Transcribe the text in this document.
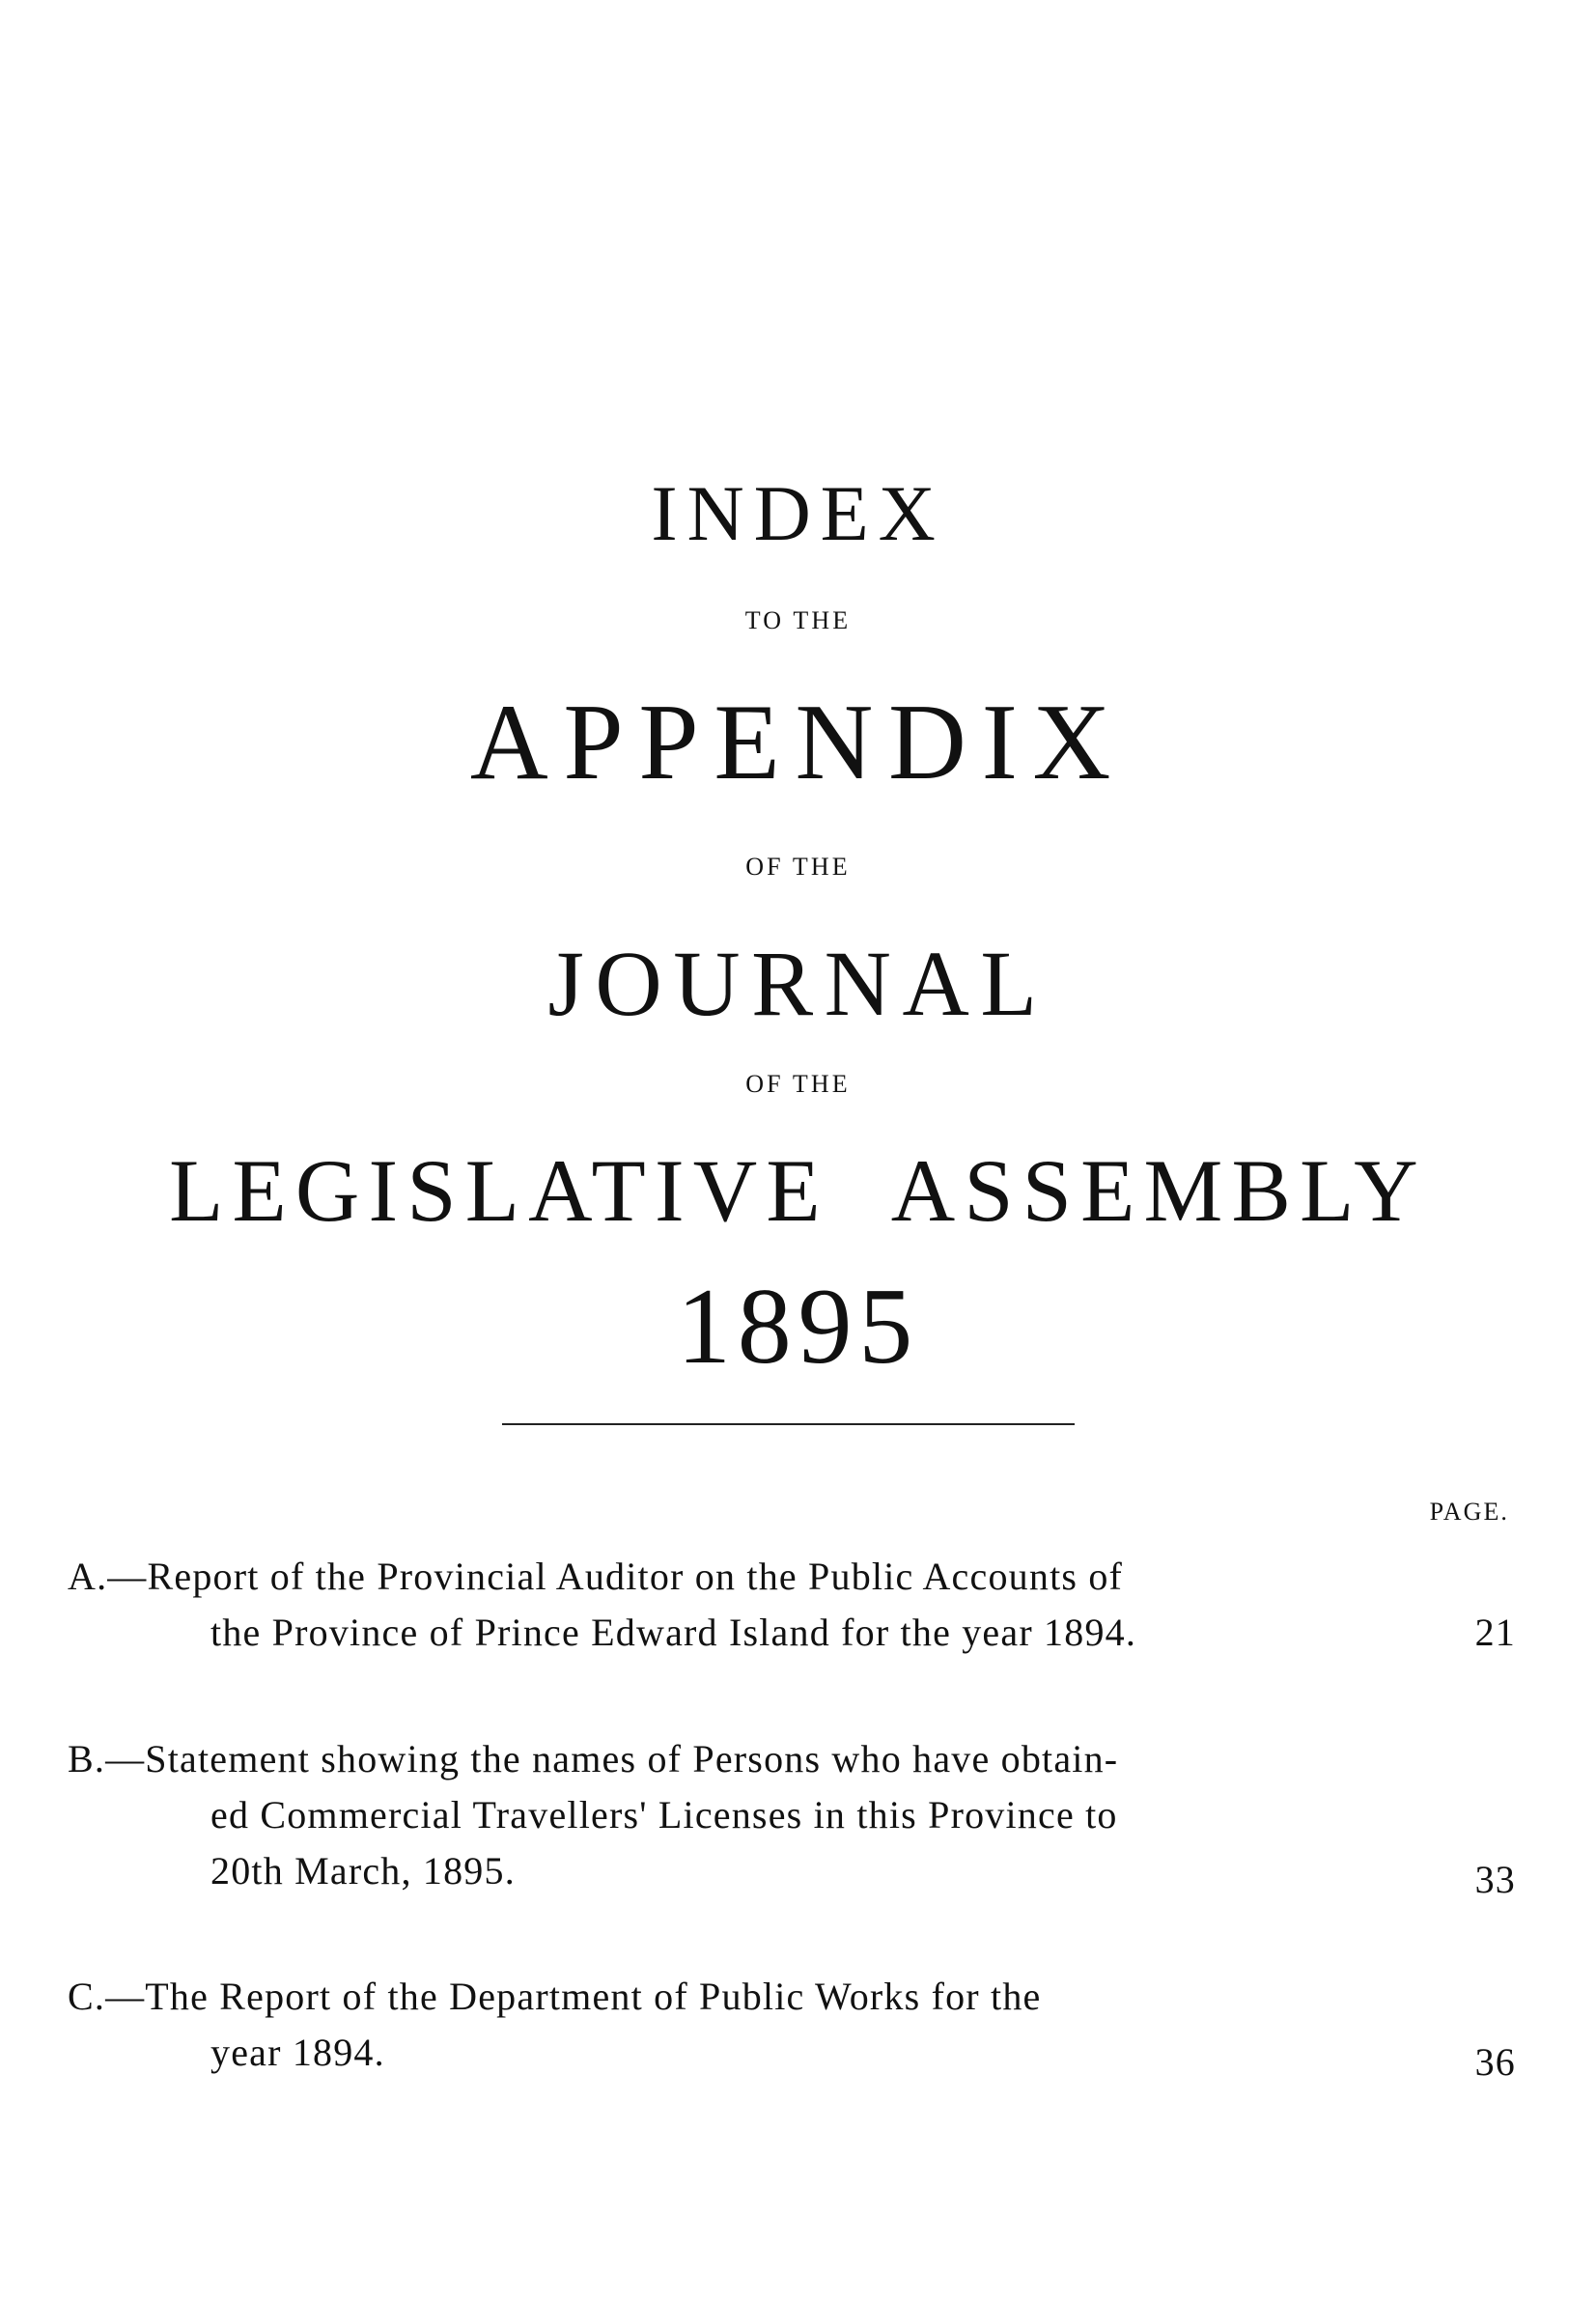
INDEX
TO THE
APPENDIX
OF THE
JOURNAL
OF THE
LEGISLATIVE ASSEMBLY
1895
PAGE.
A.—Report of the Provincial Auditor on the Public Accounts of
the Province of Prince Edward Island for the year 1894.	21
B.—Statement showing the names of Persons who have obtain-
ed Commercial Travellers' Licenses in this Province to
20th March, 1895.	33
C.—The Report of the Department of Public Works for the
year 1894.	36
